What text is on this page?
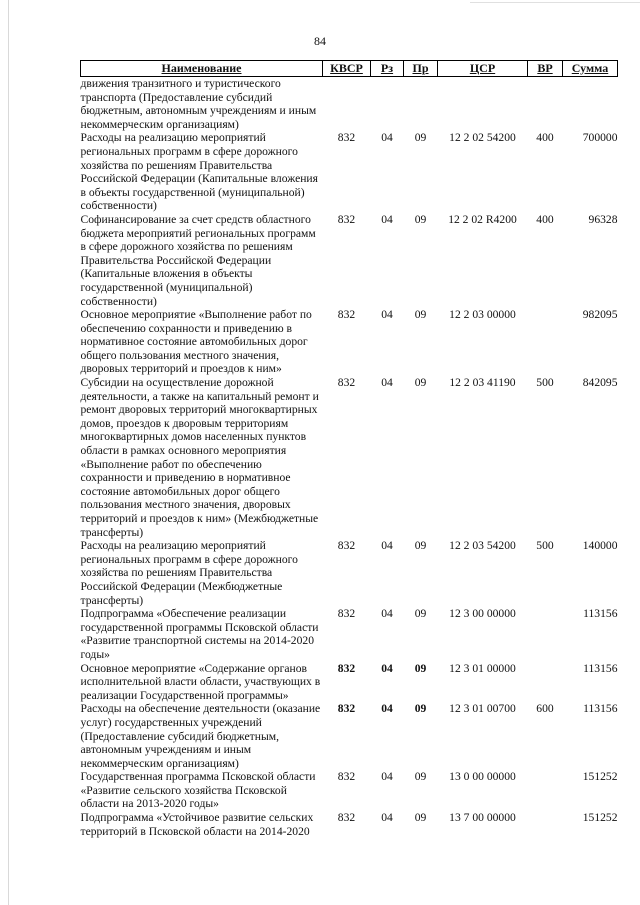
84
Наименование	КВСР	Рз	Пр	ЦСР	ВР	Сумма
движения транзитного и туристического транспорта (Предоставление субсидий бюджетным, автономным учреждениям и иным некоммерческим организациям)						
Расходы на реализацию мероприятий региональных программ в сфере дорожного хозяйства по решениям Правительства Российской Федерации (Капитальные вложения в объекты государственной (муниципальной) собственности)	832	04	09	12 2 02 54200	400	700000
Софинансирование за счет средств областного бюджета мероприятий региональных программ в сфере дорожного хозяйства по решениям Правительства Российской Федерации (Капитальные вложения в объекты государственной (муниципальной) собственности)	832	04	09	12 2 02 R4200	400	96328
Основное мероприятие «Выполнение работ по обеспечению сохранности и приведению в нормативное состояние автомобильных дорог общего пользования местного значения, дворовых территорий и проездов к ним»	832	04	09	12 2 03 00000		982095
Субсидии на осуществление дорожной деятельности, а также на капитальный ремонт и ремонт дворовых территорий многоквартирных домов, проездов к дворовым территориям многоквартирных домов населенных пунктов области в рамках основного мероприятия «Выполнение работ по обеспечению сохранности и приведению в нормативное состояние автомобильных дорог общего пользования местного значения, дворовых территорий и проездов к ним» (Межбюджетные трансферты)	832	04	09	12 2 03 41190	500	842095
Расходы на реализацию мероприятий региональных программ в сфере дорожного хозяйства по решениям Правительства Российской Федерации (Межбюджетные трансферты)	832	04	09	12 2 03 54200	500	140000
Подпрограмма «Обеспечение реализации государственной программы Псковской области «Развитие транспортной системы на 2014-2020 годы»	832	04	09	12 3 00 00000		113156
Основное мероприятие «Содержание органов исполнительной власти области, участвующих в реализации Государственной программы»	832	04	09	12 3 01 00000		113156
Расходы на обеспечение деятельности (оказание услуг) государственных учреждений (Предоставление субсидий бюджетным, автономным учреждениям и иным некоммерческим организациям)	832	04	09	12 3 01 00700	600	113156
Государственная программа Псковской области «Развитие сельского хозяйства Псковской области на 2013-2020 годы»	832	04	09	13 0 00 00000		151252
Подпрограмма «Устойчивое развитие сельских территорий в Псковской области на 2014-2020	832	04	09	13 7 00 00000		151252
